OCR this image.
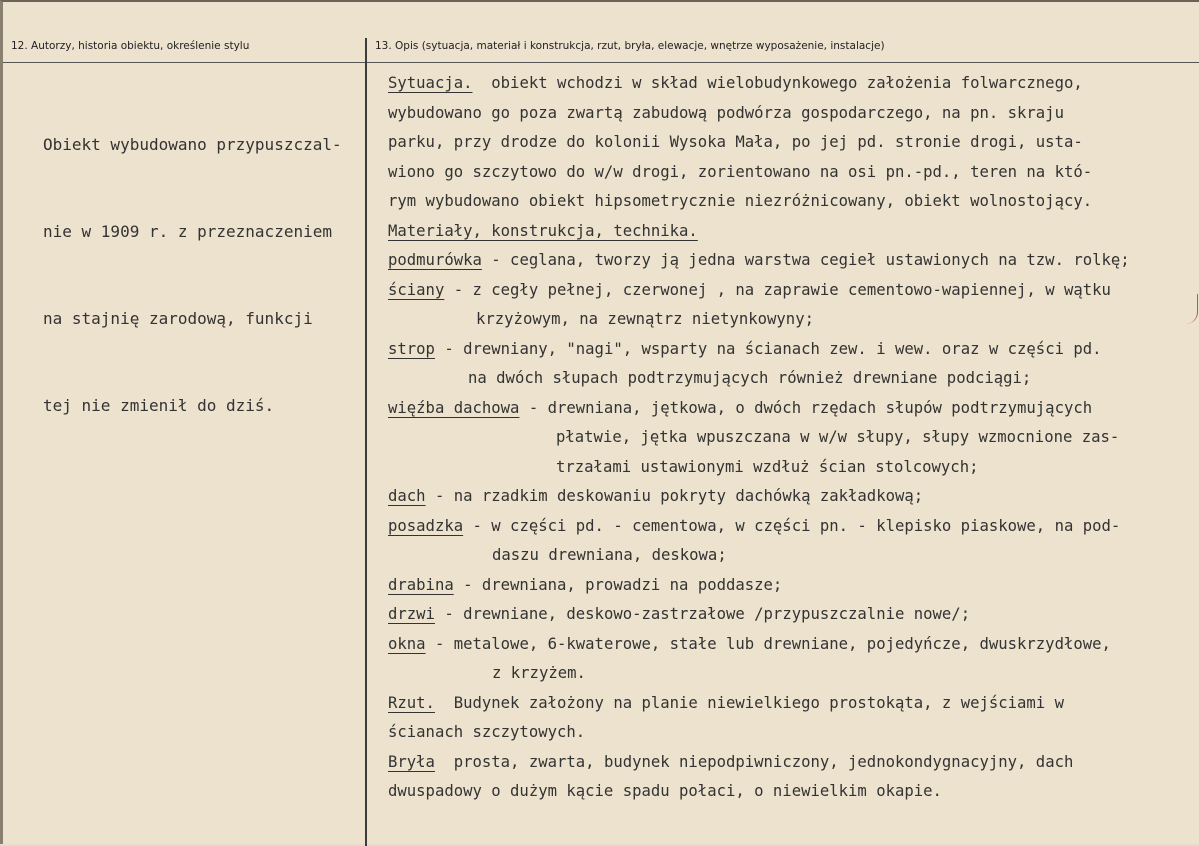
12. Autorzy, historia obiektu, określenie stylu	13. Opis (sytuacja, materiał i konstrukcja, rzut, bryła, elewacje, wnętrze wyposażenie, instalacje)

Obiekt wybudowano przypuszczal-

nie w 1909 r. z przeznaczeniem

na stajnię zarodową, funkcji

tej nie zmienił do dziś.

Sytuacja.  obiekt wchodzi w skład wielobudynkowego założenia folwarcznego,
wybudowano go poza zwartą zabudową podwórza gospodarczego, na pn. skraju
parku, przy drodze do kolonii Wysoka Mała, po jej pd. stronie drogi, usta-
wiono go szczytowo do w/w drogi, zorientowano na osi pn.-pd., teren na któ-
rym wybudowano obiekt hipsometrycznie niezróżnicowany, obiekt wolnostojący.
Materiały, konstrukcja, technika.
podmurówka - ceglana, tworzy ją jedna warstwa cegieł ustawionych na tzw. rolkę;
ściany - z cegły pełnej, czerwonej , na zaprawie cementowo-wapiennej, w wątku
krzyżowym, na zewnątrz nietynkowyny;
strop - drewniany, "nagi", wsparty na ścianach zew. i wew. oraz w części pd.
na dwóch słupach podtrzymujących również drewniane podciągi;
więźba dachowa - drewniana, jętkowa, o dwóch rzędach słupów podtrzymujących
płatwie, jętka wpuszczana w w/w słupy, słupy wzmocnione zas-
trzałami ustawionymi wzdłuż ścian stolcowych;
dach - na rzadkim deskowaniu pokryty dachówką zakładkową;
posadzka - w części pd. - cementowa, w części pn. - klepisko piaskowe, na pod-
daszu drewniana, deskowa;
drabina - drewniana, prowadzi na poddasze;
drzwi - drewniane, deskowo-zastrzałowe /przypuszczalnie nowe/;
okna - metalowe, 6-kwaterowe, stałe lub drewniane, pojedyńcze, dwuskrzydłowe,
z krzyżem.
Rzut.  Budynek założony na planie niewielkiego prostokąta, z wejściami w
ścianach szczytowych.
Bryła  prosta, zwarta, budynek niepodpiwniczony, jednokondygnacyjny, dach
dwuspadowy o dużym kącie spadu połaci, o niewielkim okapie.
